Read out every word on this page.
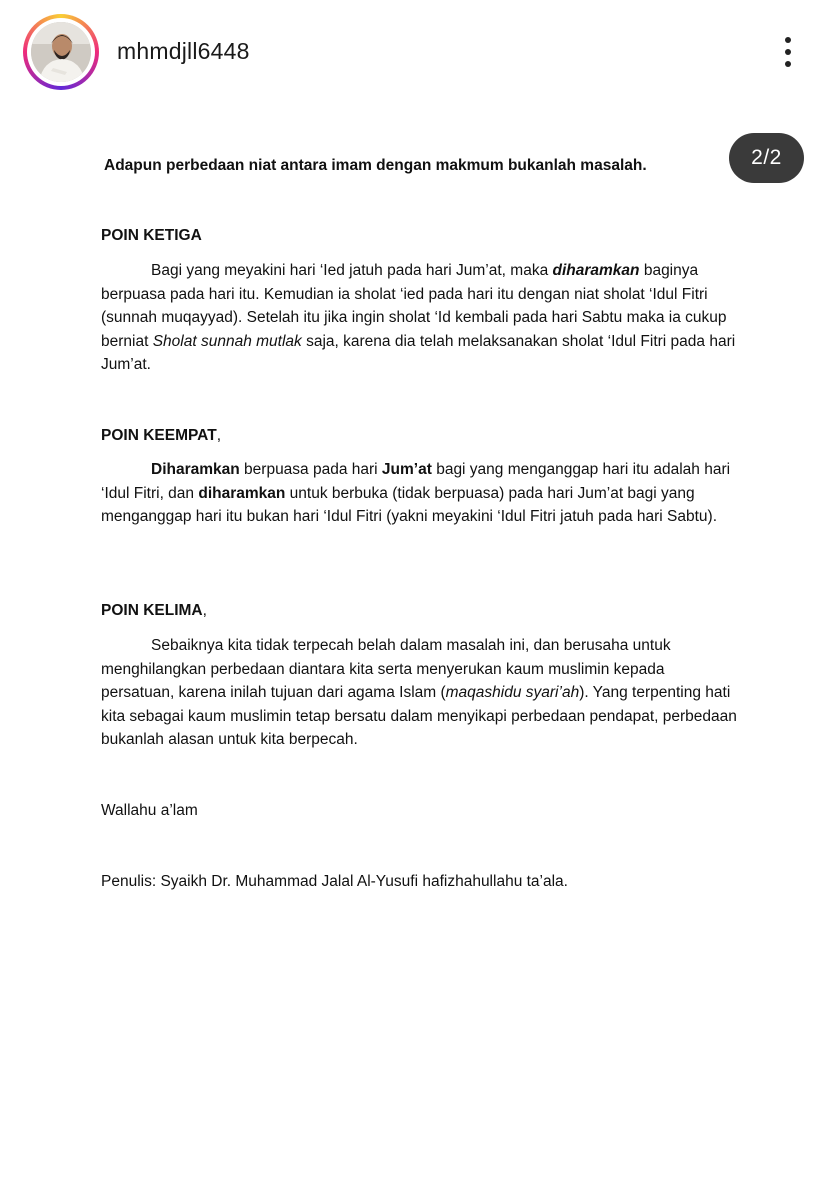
mhmdjll6448
2/2

Adapun perbedaan niat antara imam dengan makmum bukanlah masalah.

POIN KETIGA

Bagi yang meyakini hari ‘Ied jatuh pada hari Jum’at, maka diharamkan baginya berpuasa pada hari itu. Kemudian ia sholat ‘ied pada hari itu dengan niat sholat ‘Idul Fitri (sunnah muqayyad). Setelah itu jika ingin sholat ‘Id kembali pada hari Sabtu maka ia cukup berniat Sholat sunnah mutlak saja, karena dia telah melaksanakan sholat ‘Idul Fitri pada hari Jum’at.

POIN KEEMPAT,

Diharamkan berpuasa pada hari Jum’at bagi yang menganggap hari itu adalah hari ‘Idul Fitri, dan diharamkan untuk berbuka (tidak berpuasa) pada hari Jum’at bagi yang menganggap hari itu bukan hari ‘Idul Fitri (yakni meyakini ‘Idul Fitri jatuh pada hari Sabtu).

POIN KELIMA,

Sebaiknya kita tidak terpecah belah dalam masalah ini, dan berusaha untuk menghilangkan perbedaan diantara kita serta menyerukan kaum muslimin kepada persatuan, karena inilah tujuan dari agama Islam (maqashidu syari’ah). Yang terpenting hati kita sebagai kaum muslimin tetap bersatu dalam menyikapi perbedaan pendapat, perbedaan bukanlah alasan untuk kita berpecah.

Wallahu a’lam

Penulis: Syaikh Dr. Muhammad Jalal Al-Yusufi hafizhahullahu ta’ala.
